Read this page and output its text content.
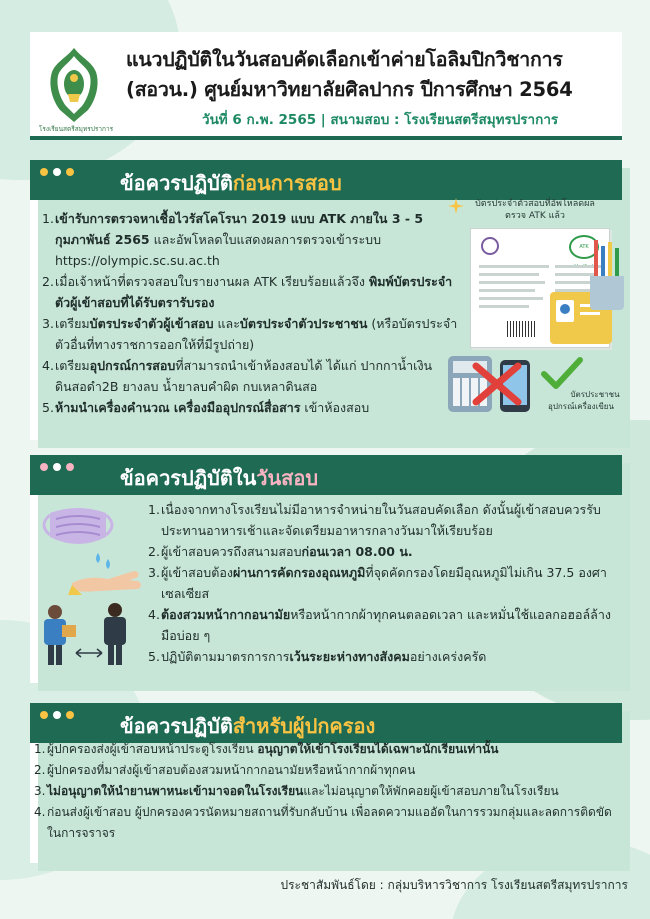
โรงเรียนสตรีสมุทรปราการ
แนวปฏิบัติในวันสอบคัดเลือกเข้าค่ายโอลิมปิกวิชาการ
(สอวน.) ศูนย์มหาวิทยาลัยศิลปากร ปีการศึกษา 2564
วันที่ 6 ก.พ. 2565 | สนามสอบ : โรงเรียนสตรีสมุทรปราการ
ข้อควรปฏิบัติก่อนการสอบ
1. เข้ารับการตรวจหาเชื้อไวรัสโคโรนา 2019 แบบ ATK ภายใน 3 - 5 กุมภาพันธ์ 2565 และอัพโหลดใบแสดงผลการตรวจเข้าระบบ https://olympic.sc.su.ac.th
2. เมื่อเจ้าหน้าที่ตรวจสอบใบรายงานผล ATK เรียบร้อยแล้วจึง พิมพ์บัตรประจำตัวผู้เข้าสอบที่ได้รับตรารับรอง
3. เตรียมบัตรประจำตัวผู้เข้าสอบ และบัตรประจำตัวประชาชน (หรือบัตรประจำตัวอื่นที่ทางราชการออกให้ที่มีรูปถ่าย)
4. เตรียมอุปกรณ์การสอบที่สามารถนำเข้าห้องสอบได้ ได้แก่ ปากกาน้ำเงิน ดินสอดำ2B ยางลบ น้ำยาลบคำผิด กบเหลาดินสอ
5. ห้ามนำเครื่องคำนวณ เครื่องมืออุปกรณ์สื่อสาร เข้าห้องสอบ
บัตรประจำตัวสอบที่อัพโหลดผลตรวจ ATK แล้ว
ATK
บัตรประชาชน
อุปกรณ์เครื่องเขียน
ข้อควรปฏิบัติในวันสอบ
1. เนื่องจากทางโรงเรียนไม่มีอาหารจำหน่ายในวันสอบคัดเลือก ดังนั้นผู้เข้าสอบควรรับประทานอาหารเช้าและจัดเตรียมอาหารกลางวันมาให้เรียบร้อย
2. ผู้เข้าสอบควรถึงสนามสอบก่อนเวลา 08.00 น.
3. ผู้เข้าสอบต้องผ่านการคัดกรองอุณหภูมิที่จุดคัดกรองโดยมีอุณหภูมิไม่เกิน 37.5 องศาเซลเซียส
4. ต้องสวมหน้ากากอนามัยหรือหน้ากากผ้าทุกคนตลอดเวลา และหมั่นใช้แอลกอฮอล์ล้างมือบ่อย ๆ
5. ปฏิบัติตามมาตรการการเว้นระยะห่างทางสังคมอย่างเคร่งครัด
ข้อควรปฏิบัติสำหรับผู้ปกครอง
1. ผู้ปกครองส่งผู้เข้าสอบหน้าประตูโรงเรียน อนุญาตให้เข้าโรงเรียนได้เฉพาะนักเรียนเท่านั้น
2. ผู้ปกครองที่มาส่งผู้เข้าสอบต้องสวมหน้ากากอนามัยหรือหน้ากากผ้าทุกคน
3. ไม่อนุญาตให้นำยานพาหนะเข้ามาจอดในโรงเรียนและไม่อนุญาตให้พักคอยผู้เข้าสอบภายในโรงเรียน
4. ก่อนส่งผู้เข้าสอบ ผู้ปกครองควรนัดหมายสถานที่รับกลับบ้าน เพื่อลดความแออัดในการรวมกลุ่มและลดการติดขัดในการจราจร
ประชาสัมพันธ์โดย : กลุ่มบริหารวิชาการ โรงเรียนสตรีสมุทรปราการ
